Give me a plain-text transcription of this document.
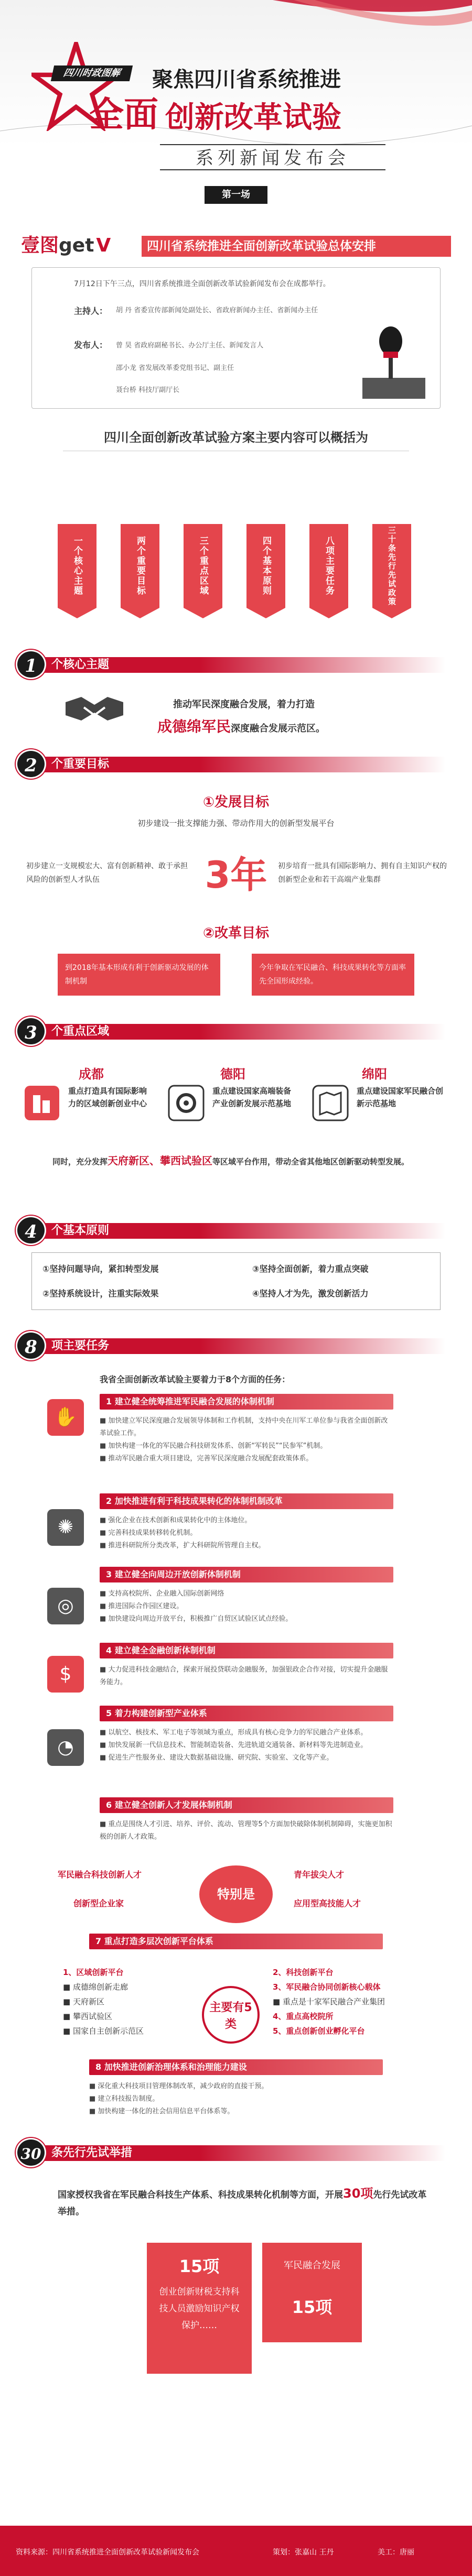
四川时政图解	聚焦四川省系统推进
全面 创新改革试验
系列新闻发布会
第一场
壹图get V	四川省系统推进全面创新改革试验总体安排
7月12日下午三点，四川省系统推进全面创新改革试验新闻发布会在成都举行。
主持人： 胡 丹 省委宣传部新闻处副处长、省政府新闻办主任、省新闻办主任
发布人： 曾 昊 省政府副秘书长、办公厅主任、新闻发言人
邵小龙 省发展改革委党组书记、副主任
聂台桥 科技厅副厅长
四川全面创新改革试验方案主要内容可以概括为
一个核心主题	两个重要目标	三个重点区域	四个基本原则	八项主要任务	三十条先行先试政策
1	个核心主题
推动军民深度融合发展，着力打造
成德绵军民深度融合发展示范区。
2	个重要目标
①发展目标
初步建设一批支撑能力强、带动作用大的创新型发展平台
初步建立一支规模宏大、富有创新精神、敢于承担风险的创新型人才队伍	3年	初步培育一批具有国际影响力、拥有自主知识产权的创新型企业和若干高端产业集群
②改革目标
到2018年基本形成有利于创新驱动发展的体制机制
今年争取在军民融合、科技成果转化等方面率先全国形成经验。
3	个重点区域
成都	德阳	绵阳
重点打造具有国际影响力的区域创新创业中心
重点建设国家高端装备产业创新发展示范基地
重点建设国家军民融合创新示范基地
同时，充分发挥天府新区、攀西试验区等区域平台作用，带动全省其他地区创新驱动转型发展。
4	个基本原则
①坚持问题导向，紧扣转型发展	③坚持全面创新，着力重点突破
②坚持系统设计，注重实际效果	④坚持人才为先，激发创新活力
8	项主要任务
我省全面创新改革试验主要着力于8个方面的任务：
✋
1 建立健全统筹推进军民融合发展的体制机制
■ 加快建立军民深度融合发展领导体制和工作机制，支持中央在川军工单位参与我省全面创新改革试验工作。
■ 加快构建一体化的军民融合科技研发体系、创新“军转民”“民参军”机制。
■ 推动军民融合重大项目建设，完善军民深度融合发展配套政策体系。
✺
2 加快推进有利于科技成果转化的体制机制改革
■ 强化企业在技术创新和成果转化中的主体地位。
■ 完善科技成果转移转化机制。
■ 推进科研院所分类改革，扩大科研院所管理自主权。
◎
3 建立健全向周边开放创新体制机制
■ 支持高校院所、企业融入国际创新网络
■ 推进国际合作园区建设。
■ 加快建设向周边开放平台，积极推广自贸区试验区试点经验。
$
4 建立健全金融创新体制机制
■ 大力促进科技金融结合，探索开展投贷联动金融服务，加强银政企合作对接，切实提升金融服务能力。
◔
5 着力构建创新型产业体系
■ 以航空、核技术、军工电子等领域为重点，形成具有核心竞争力的军民融合产业体系。
■ 加快发展新一代信息技术、智能制造装备、先进轨道交通装备、新材料等先进制造业。
■ 促进生产性服务业、建设大数据基础设施、研究院、实验室、文化等产业。
6 建立健全创新人才发展体制机制
■ 重点是围绕人才引进、培养、评价、流动、管理等5个方面加快破除体制机制障碍，实施更加积极的创新人才政策。
军民融合科技创新人才
创新型企业家
特别是
青年拔尖人才
应用型高技能人才
7 重点打造多层次创新平台体系
1、区域创新平台
■ 成德绵创新走廊
■ 天府新区
■ 攀西试验区
■ 国家自主创新示范区
主要有5类
2、科技创新平台
3、军民融合协同创新核心载体
■ 重点是十家军民融合产业集团
4、重点高校院所
5、重点创新创业孵化平台
8 加快推进创新治理体系和治理能力建设
■ 深化重大科技项目管理体制改革，减少政府的直接干预。
■ 建立科技报告制度。
■ 加快构建一体化的社会信用信息平台体系等。
30 条先行先试举措
国家授权我省在军民融合科技生产体系、科技成果转化机制等方面，开展30项先行先试改革举措。
15项
创业创新财税支持科技人员激励知识产权保护……
军民融合发展
15项
资料来源：四川省系统推进全面创新改革试验新闻发布会	策划：张嘉山 王丹	美工：唐丽
